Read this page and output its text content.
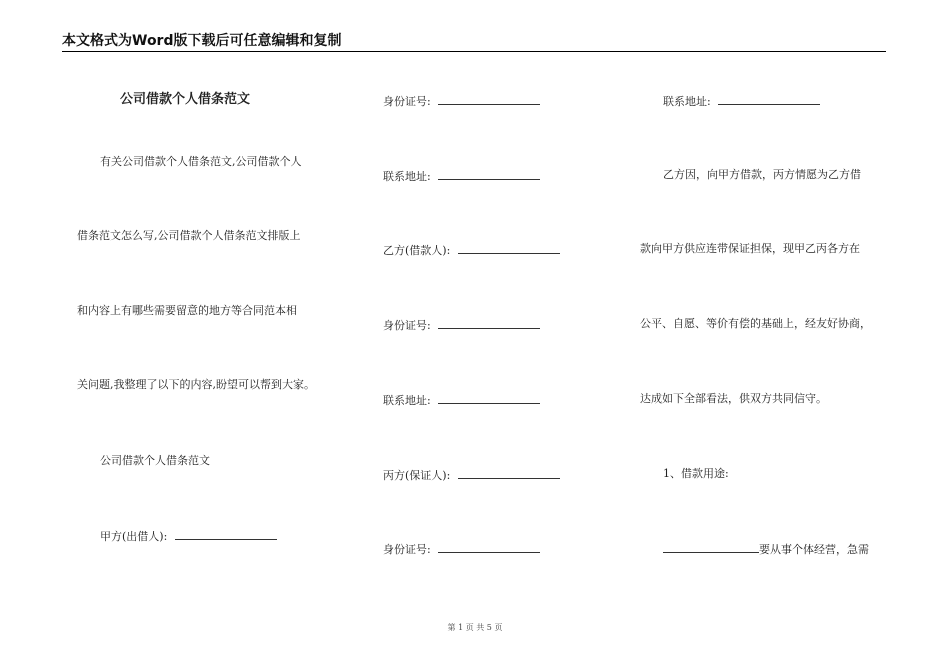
本文格式为Word版下载后可任意编辑和复制
公司借款个人借条范文
有关公司借款个人借条范文,公司借款个人
借条范文怎么写,公司借款个人借条范文排版上
和内容上有哪些需要留意的地方等合同范本相
关问题,我整理了以下的内容,盼望可以帮到大家。
公司借款个人借条范文
甲方(出借人):
身份证号:
联系地址:
乙方(借款人):
身份证号:
联系地址:
丙方(保证人):
身份证号:
联系地址:
乙方因，向甲方借款，丙方情愿为乙方借
款向甲方供应连带保证担保，现甲乙丙各方在
公平、自愿、等价有偿的基础上，经友好协商，
达成如下全部看法，供双方共同信守。
1、借款用途:
要从事个体经营，急需
第 1 页 共 5 页
